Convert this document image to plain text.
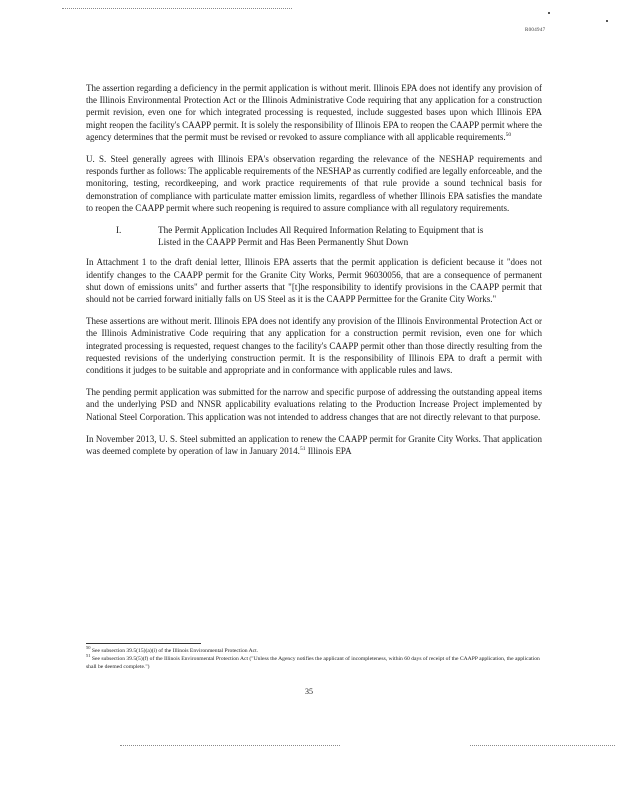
R004947

The assertion regarding a deficiency in the permit application is without merit. Illinois EPA does not identify any provision of the Illinois Environmental Protection Act or the Illinois Administrative Code requiring that any application for a construction permit revision, even one for which integrated processing is requested, include suggested bases upon which Illinois EPA might reopen the facility's CAAPP permit. It is solely the responsibility of Illinois EPA to reopen the CAAPP permit where the agency determines that the permit must be revised or revoked to assure compliance with all applicable requirements.$^{50}$

U. S. Steel generally agrees with Illinois EPA's observation regarding the relevance of the NESHAP requirements and responds further as follows: The applicable requirements of the NESHAP as currently codified are legally enforceable, and the monitoring, testing, recordkeeping, and work practice requirements of that rule provide a sound technical basis for demonstration of compliance with particulate matter emission limits, regardless of whether Illinois EPA satisfies the mandate to reopen the CAAPP permit where such reopening is required to assure compliance with all regulatory requirements.

I.	The Permit Application Includes All Required Information Relating to Equipment that is Listed in the CAAPP Permit and Has Been Permanently Shut Down

In Attachment 1 to the draft denial letter, Illinois EPA asserts that the permit application is deficient because it "does not identify changes to the CAAPP permit for the Granite City Works, Permit 96030056, that are a consequence of permanent shut down of emissions units" and further asserts that "[t]he responsibility to identify provisions in the CAAPP permit that should not be carried forward initially falls on US Steel as it is the CAAPP Permittee for the Granite City Works."

These assertions are without merit. Illinois EPA does not identify any provision of the Illinois Environmental Protection Act or the Illinois Administrative Code requiring that any application for a construction permit revision, even one for which integrated processing is requested, request changes to the facility's CAAPP permit other than those directly resulting from the requested revisions of the underlying construction permit. It is the responsibility of Illinois EPA to draft a permit with conditions it judges to be suitable and appropriate and in conformance with applicable rules and laws.

The pending permit application was submitted for the narrow and specific purpose of addressing the outstanding appeal items and the underlying PSD and NNSR applicability evaluations relating to the Production Increase Project implemented by National Steel Corporation. This application was not intended to address changes that are not directly relevant to that purpose.

In November 2013, U. S. Steel submitted an application to renew the CAAPP permit for Granite City Works. That application was deemed complete by operation of law in January 2014.51 Illinois EPA

$^{50}$ See subsection 39.5(15)(a)(i) of the Illinois Environmental Protection Act.

$^{51}$ See subsection 39.5(5)(f) of the Illinois Environmental Protection Act ("Unless the Agency notifies the applicant of incompleteness, within 60 days of receipt of the CAAPP application, the application shall be deemed complete.")

35
